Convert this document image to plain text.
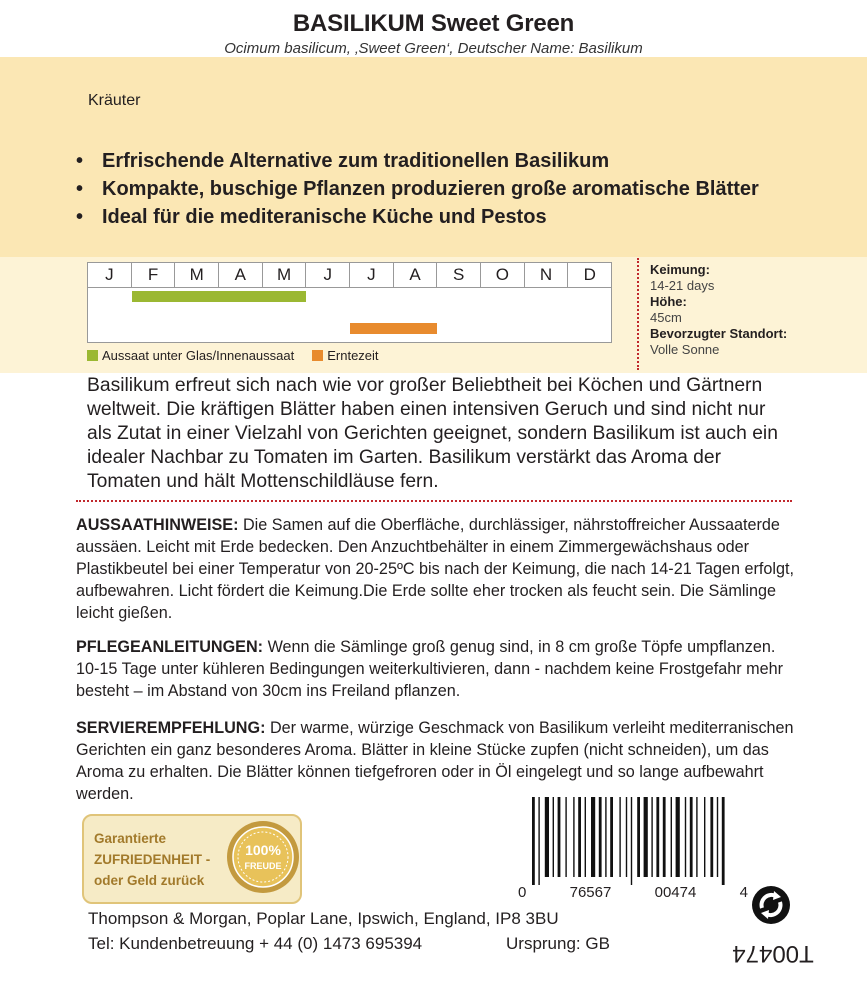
BASILIKUM Sweet Green
Ocimum basilicum, ‚Sweet Green‘, Deutscher Name: Basilikum
Kräuter
• Erfrischende Alternative zum traditionellen Basilikum
• Kompakte, buschige Pflanzen produzieren große aromatische Blätter
• Ideal für die mediteranische Küche und Pestos
J	F	M	A	M	J	J	A	S	O	N	D
Aussaat unter Glas/Innenaussaat	Erntezeit
Keimung:
14-21 days
Höhe:
45cm
Bevorzugter Standort:
Volle Sonne
Basilikum erfreut sich nach wie vor großer Beliebtheit bei Köchen und Gärtnern weltweit. Die kräftigen Blätter haben einen intensiven Geruch und sind nicht nur als Zutat in einer Vielzahl von Gerichten geeignet, sondern Basilikum ist auch ein idealer Nachbar zu Tomaten im Garten. Basilikum verstärkt das Aroma der Tomaten und hält Mottenschildläuse fern.
AUSSAATHINWEISE: Die Samen auf die Oberfläche, durchlässiger, nährstoffreicher Aussaaterde aussäen. Leicht mit Erde bedecken. Den Anzuchtbehälter in einem Zimmergewächshaus oder Plastikbeutel bei einer Temperatur von 20-25ºC bis nach der Keimung, die nach 14-21 Tagen erfolgt, aufbewahren. Licht fördert die Keimung.Die Erde sollte eher trocken als feucht sein. Die Sämlinge leicht gießen.
PFLEGEANLEITUNGEN: Wenn die Sämlinge groß genug sind, in 8 cm große Töpfe umpflanzen. 10-15 Tage unter kühleren Bedingungen weiterkultivieren, dann - nachdem keine Frostgefahr mehr besteht – im Abstand von 30cm ins Freiland pflanzen.
SERVIEREMPFEHLUNG: Der warme, würzige Geschmack von Basilikum verleiht mediterranischen Gerichten ein ganz besonderes Aroma. Blätter in kleine Stücke zupfen (nicht schneiden), um das Aroma zu erhalten. Die Blätter können tiefgefroren oder in Öl eingelegt und so lange aufbewahrt werden.
Garantierte
ZUFRIEDENHEIT -
oder Geld zurück
100%
FREUDE
0	76567	00474	4
T00474
Thompson & Morgan, Poplar Lane, Ipswich, England, IP8 3BU
Tel: Kundenbetreuung + 44 (0) 1473 695394	Ursprung: GB
